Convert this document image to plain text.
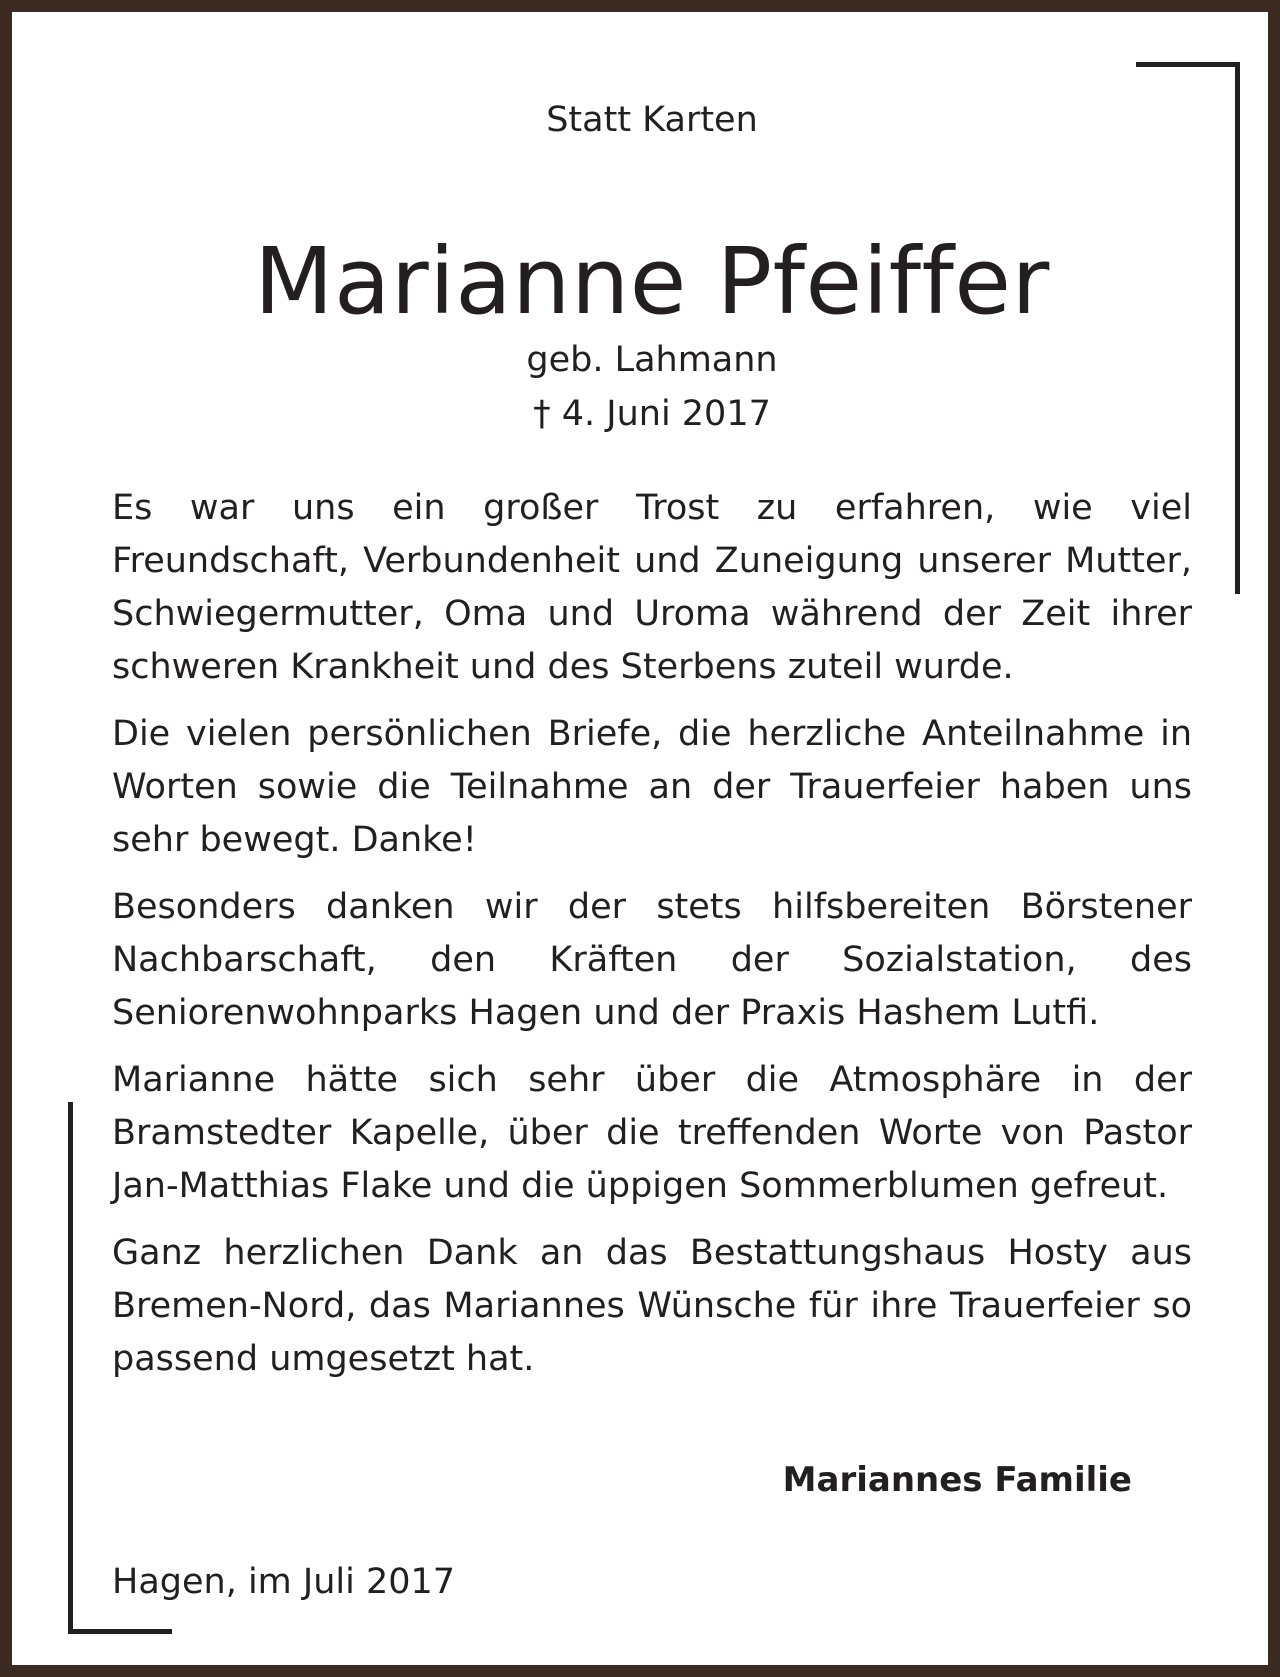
Statt Karten
Marianne Pfeiffer
geb. Lahmann
† 4. Juni 2017

Es war uns ein großer Trost zu erfahren, wie viel Freundschaft, Verbundenheit und Zuneigung unserer Mutter, Schwiegermutter, Oma und Uroma während der Zeit ihrer schweren Krankheit und des Sterbens zuteil wurde.

Die vielen persönlichen Briefe, die herzliche Anteilnahme in Worten sowie die Teilnahme an der Trauerfeier haben uns sehr bewegt. Danke!

Besonders danken wir der stets hilfsbereiten Börstener Nachbarschaft, den Kräften der Sozialstation, des Seniorenwohnparks Hagen und der Praxis Hashem Lutfi.

Marianne hätte sich sehr über die Atmosphäre in der Bramstedter Kapelle, über die treffenden Worte von Pastor Jan-Matthias Flake und die üppigen Sommerblumen gefreut.

Ganz herzlichen Dank an das Bestattungshaus Hosty aus Bremen-Nord, das Mariannes Wünsche für ihre Trauerfeier so passend umgesetzt hat.

Mariannes Familie
Hagen, im Juli 2017
